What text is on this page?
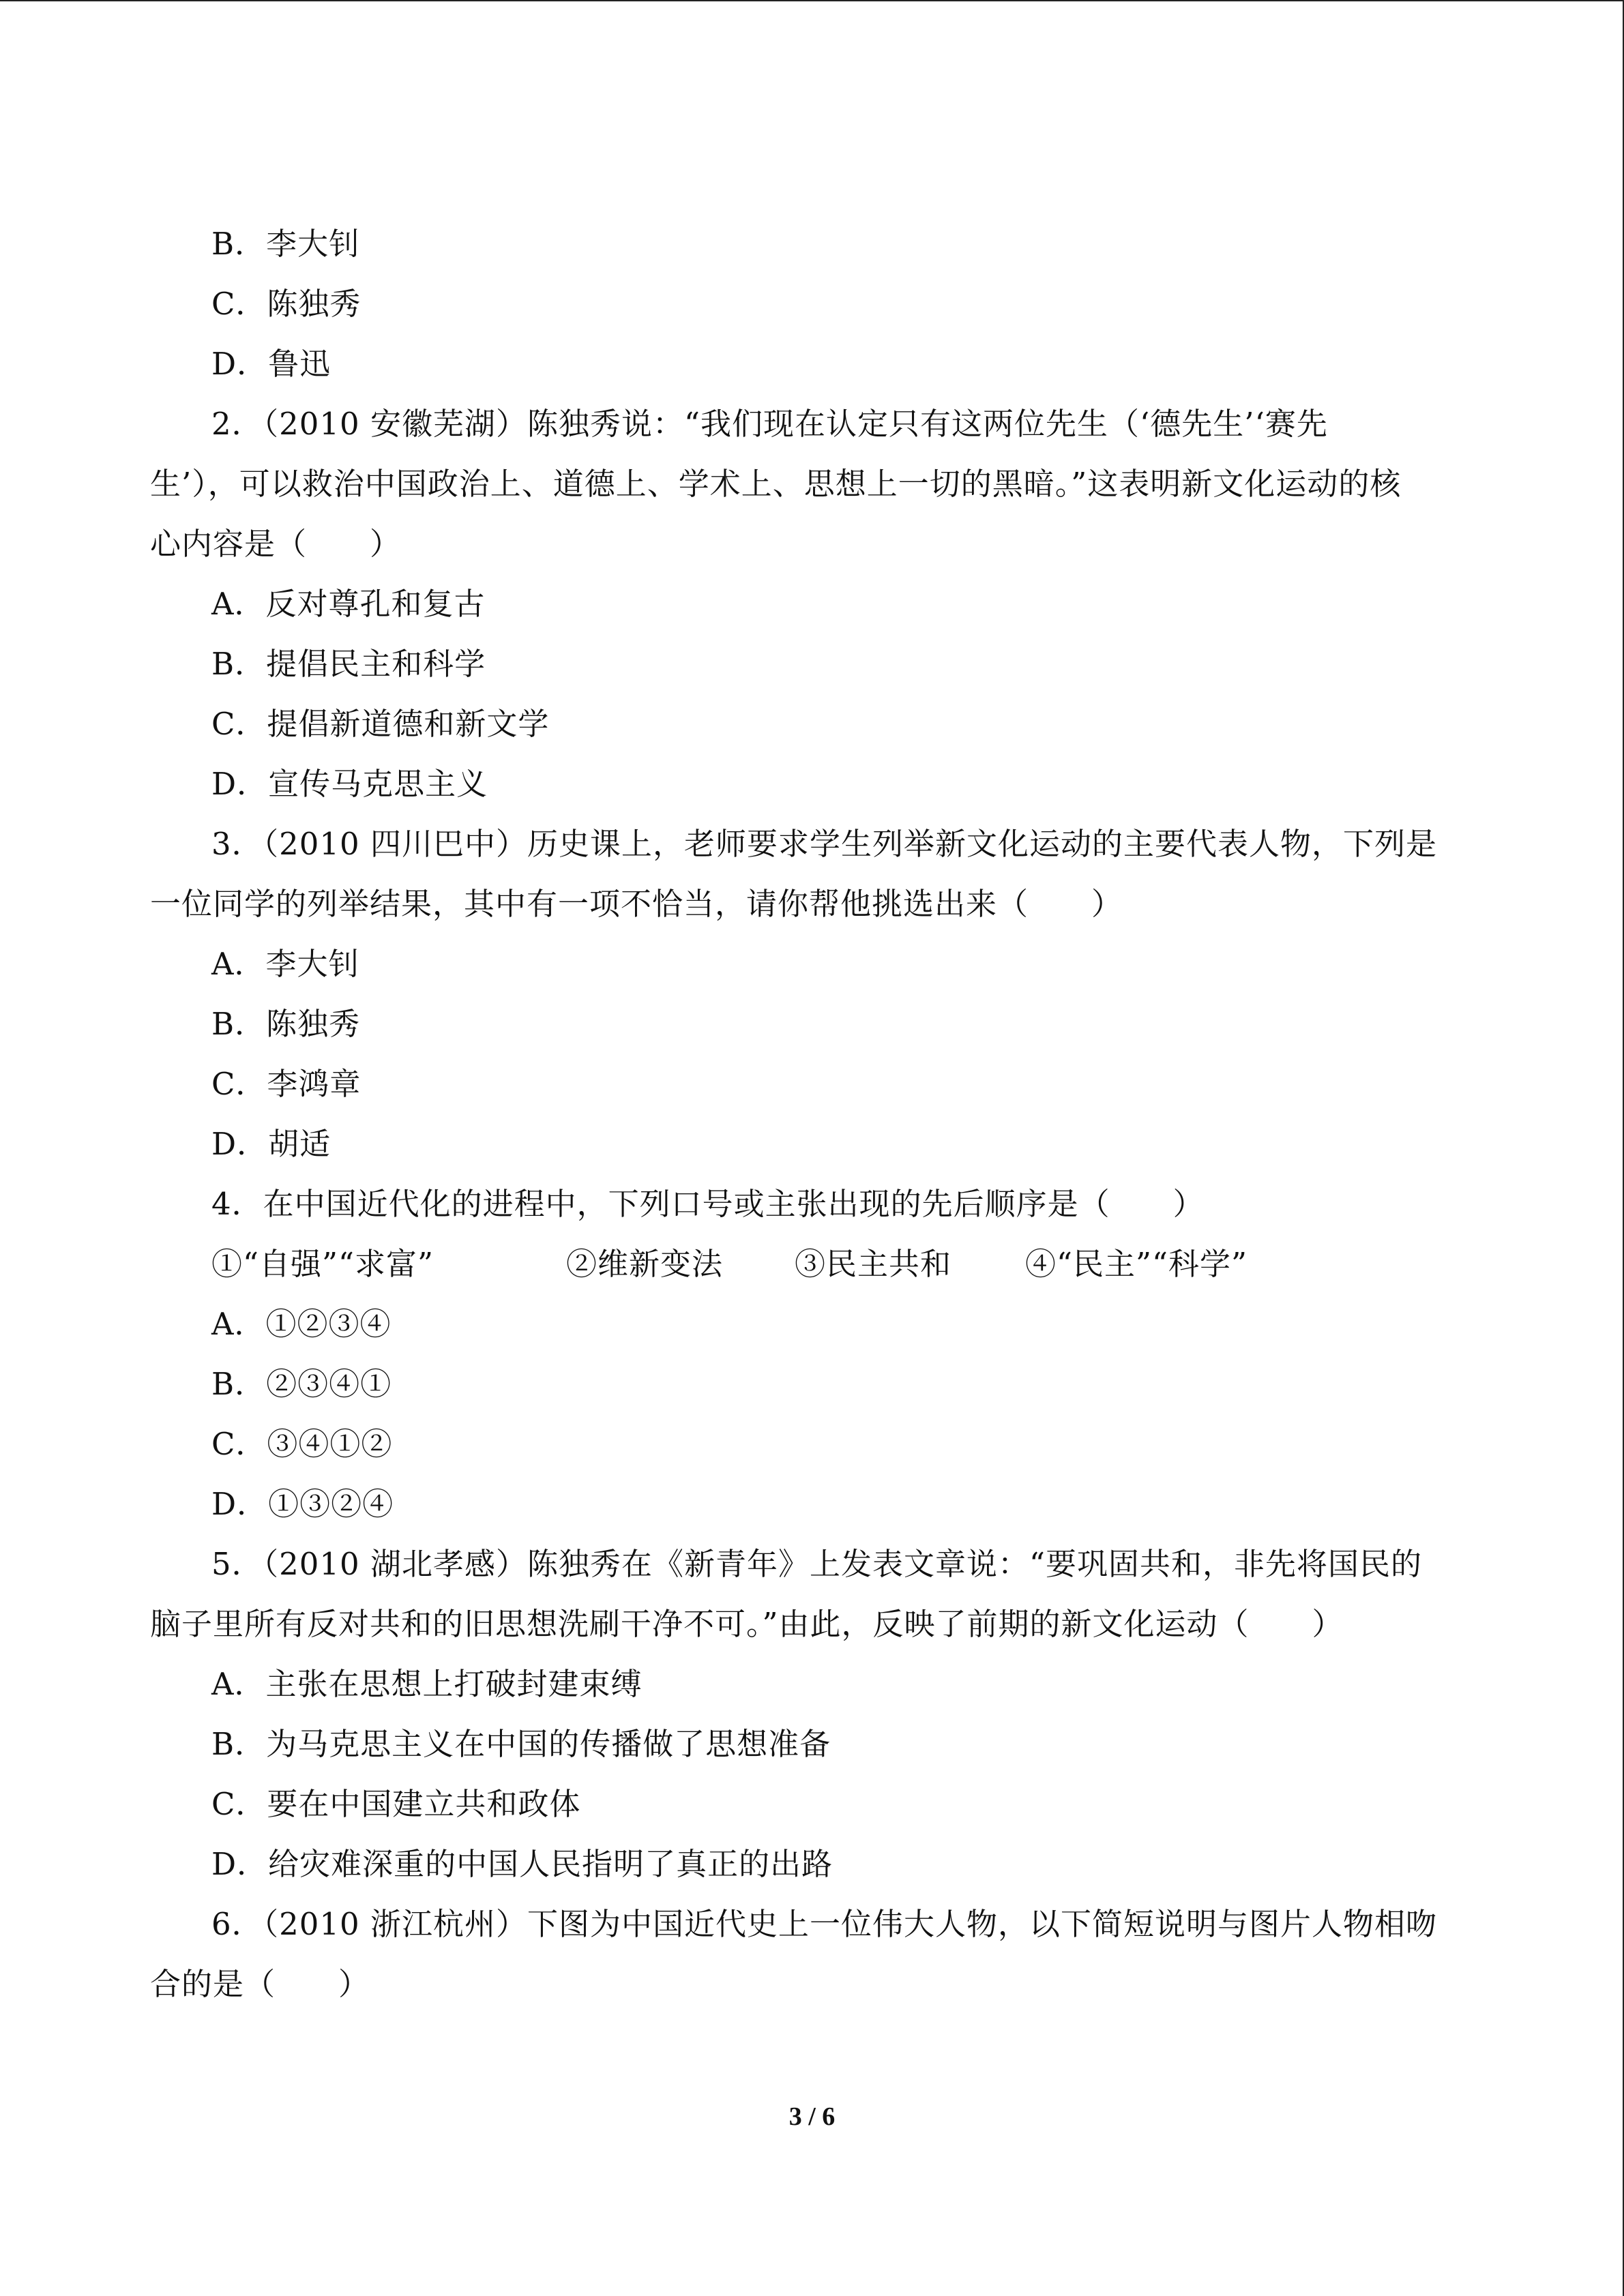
B．李大钊
C．陈独秀
D．鲁迅
2．（2010 安徽芜湖）陈独秀说：“我们现在认定只有这两位先生（‘德先生’‘赛先
生’），可以救治中国政治上、道德上、学术上、思想上一切的黑暗。”这表明新文化运动的核
心内容是（　　）
A．反对尊孔和复古
B．提倡民主和科学
C．提倡新道德和新文学
D．宣传马克思主义
3．（2010 四川巴中）历史课上，老师要求学生列举新文化运动的主要代表人物，下列是
一位同学的列举结果，其中有一项不恰当，请你帮他挑选出来（　　）
A．李大钊
B．陈独秀
C．李鸿章
D．胡适
4．在中国近代化的进程中，下列口号或主张出现的先后顺序是（　　）
①“自强”“求富”	②维新变法	③民主共和	④“民主”“科学”
A．①②③④
B．②③④①
C．③④①②
D．①③②④
5．（2010 湖北孝感）陈独秀在《新青年》上发表文章说：“要巩固共和，非先将国民的
脑子里所有反对共和的旧思想洗刷干净不可。”由此，反映了前期的新文化运动（　　）
A．主张在思想上打破封建束缚
B．为马克思主义在中国的传播做了思想准备
C．要在中国建立共和政体
D．给灾难深重的中国人民指明了真正的出路
6．（2010 浙江杭州）下图为中国近代史上一位伟大人物，以下简短说明与图片人物相吻
合的是（　　）
3 / 6
